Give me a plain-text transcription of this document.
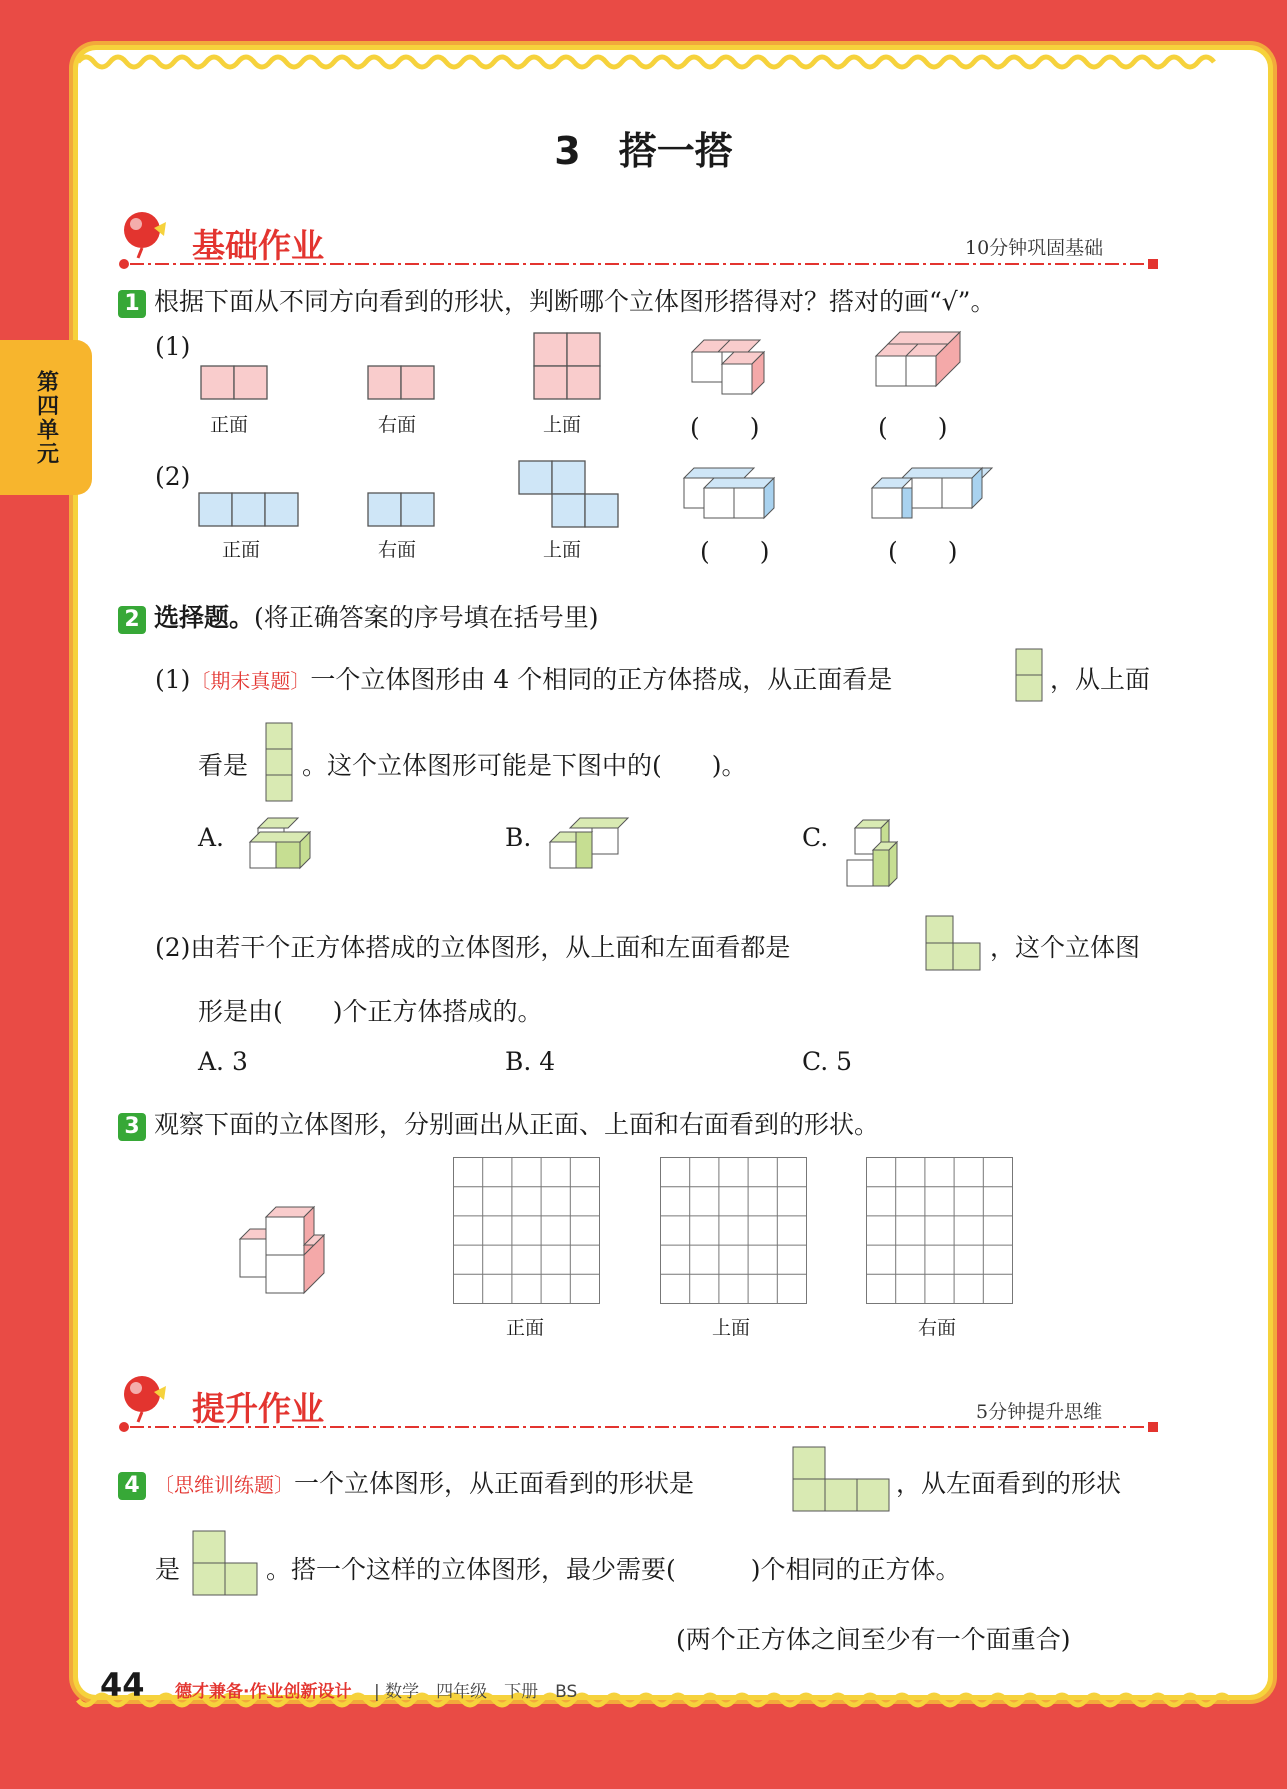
第四单元
3　搭一搭
基础作业	10分钟巩固基础
1 根据下面从不同方向看到的形状，判断哪个立体图形搭得对？搭对的画“√”。
(1)
正面	右面	上面	(　　)	(　　)
(2)
正面	右面	上面	(　　)	(　　)
2 选择题。(将正确答案的序号填在括号里)
(1)〔期末真题〕一个立体图形由 4 个相同的正方体搭成，从正面看是	，从上面
看是 。这个立体图形可能是下图中的(　　)。
A.	B.	C.
(2)由若干个正方体搭成的立体图形，从上面和左面看都是	，这个立体图
形是由(　　)个正方体搭成的。
A. 3	B. 4	C. 5
3 观察下面的立体图形，分别画出从正面、上面和右面看到的形状。
正面	上面	右面
提升作业	5分钟提升思维
4 〔思维训练题〕一个立体图形，从正面看到的形状是	，从左面看到的形状
是	。搭一个这样的立体图形，最少需要(　　　)个相同的正方体。
(两个正方体之间至少有一个面重合)
44 德才兼备·作业创新设计 | 数学　四年级　下册　BS
